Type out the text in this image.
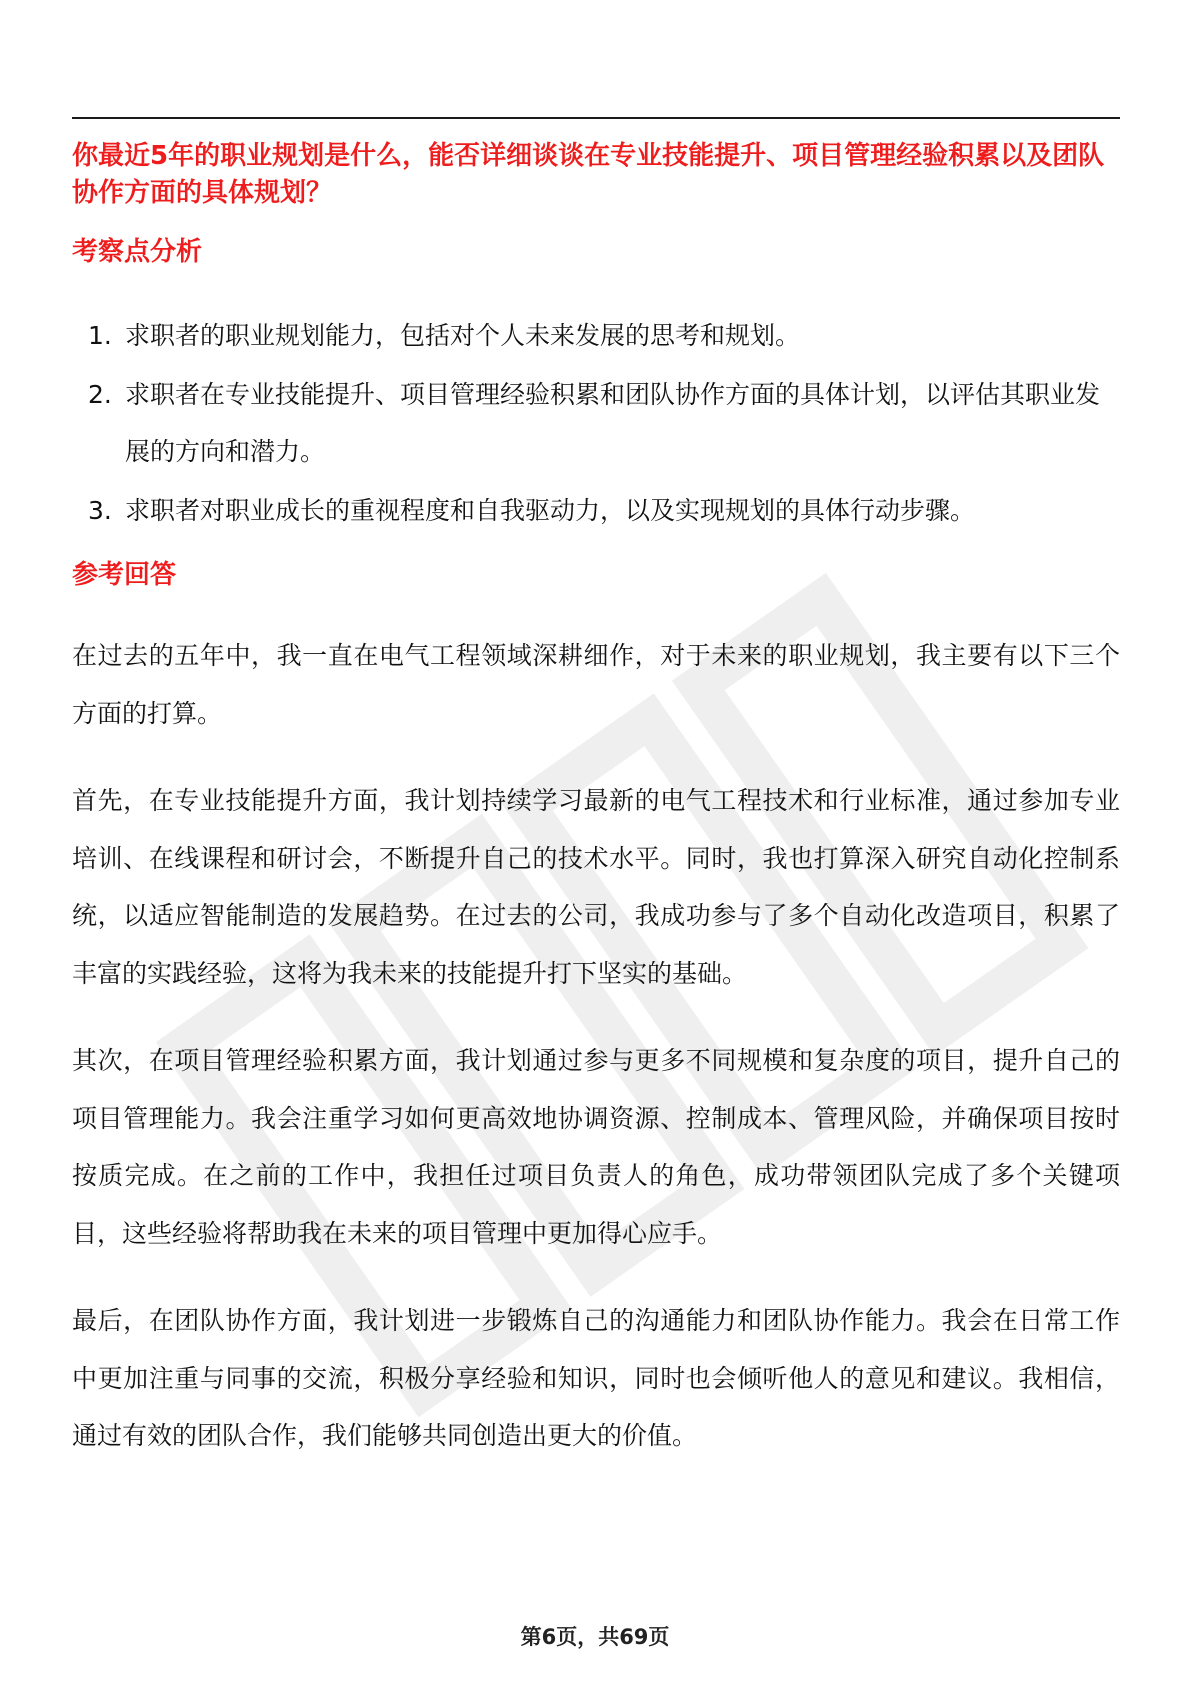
你最近5年的职业规划是什么，能否详细谈谈在专业技能提升、项目管理经验积累以及团队协作方面的具体规划？
考察点分析
1. 求职者的职业规划能力，包括对个人未来发展的思考和规划。
2. 求职者在专业技能提升、项目管理经验积累和团队协作方面的具体计划，以评估其职业发展的方向和潜力。
3. 求职者对职业成长的重视程度和自我驱动力，以及实现规划的具体行动步骤。
参考回答

在过去的五年中，我一直在电气工程领域深耕细作，对于未来的职业规划，我主要有以下三个方面的打算。

首先，在专业技能提升方面，我计划持续学习最新的电气工程技术和行业标准，通过参加专业培训、在线课程和研讨会，不断提升自己的技术水平。同时，我也打算深入研究自动化控制系统，以适应智能制造的发展趋势。在过去的公司，我成功参与了多个自动化改造项目，积累了丰富的实践经验，这将为我未来的技能提升打下坚实的基础。

其次，在项目管理经验积累方面，我计划通过参与更多不同规模和复杂度的项目，提升自己的项目管理能力。我会注重学习如何更高效地协调资源、控制成本、管理风险，并确保项目按时按质完成。在之前的工作中，我担任过项目负责人的角色，成功带领团队完成了多个关键项目，这些经验将帮助我在未来的项目管理中更加得心应手。

最后，在团队协作方面，我计划进一步锻炼自己的沟通能力和团队协作能力。我会在日常工作中更加注重与同事的交流，积极分享经验和知识，同时也会倾听他人的意见和建议。我相信，通过有效的团队合作，我们能够共同创造出更大的价值。

第6页，共69页
